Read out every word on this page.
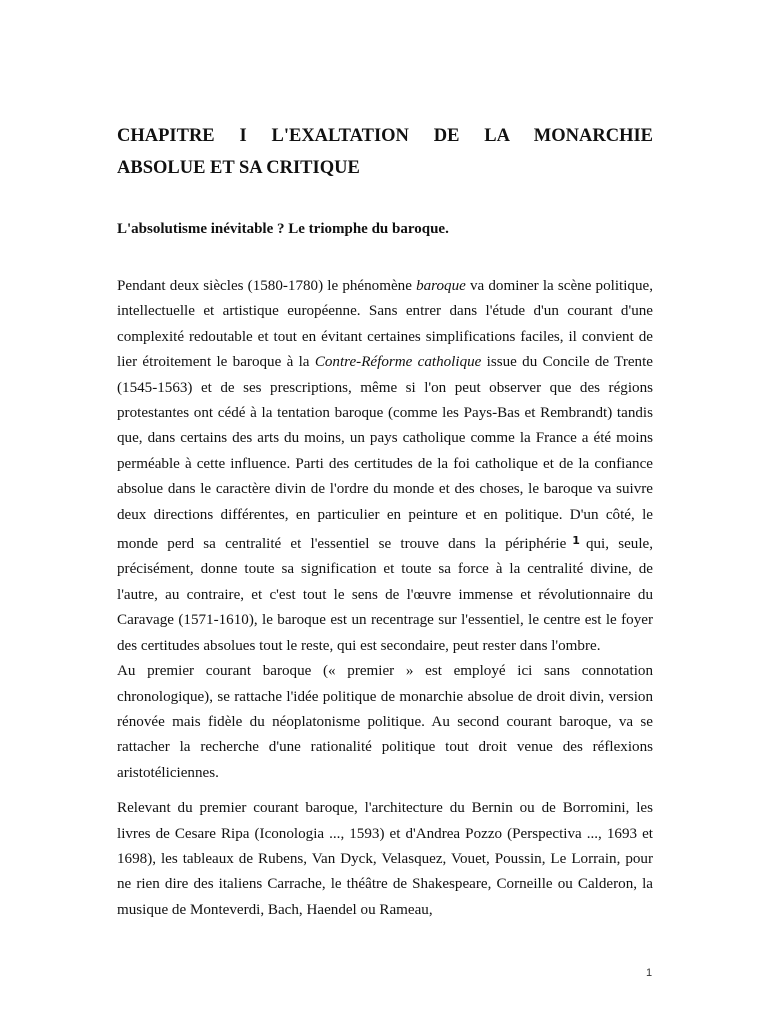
CHAPITRE I L'EXALTATION DE LA MONARCHIE
ABSOLUE ET SA CRITIQUE
L'absolutisme inévitable ? Le triomphe du baroque.

Pendant deux siècles (1580-1780) le phénomène baroque va dominer la scène politique, intellectuelle et artistique européenne. Sans entrer dans l'étude d'un courant d'une complexité redoutable et tout en évitant certaines simplifications faciles, il convient de lier étroitement le baroque à la Contre-Réforme catholique issue du Concile de Trente (1545-1563) et de ses prescriptions, même si l'on peut observer que des régions protestantes ont cédé à la tentation baroque (comme les Pays-Bas et Rembrandt) tandis que, dans certains des arts du moins, un pays catholique comme la France a été moins perméable à cette influence. Parti des certitudes de la foi catholique et de la confiance absolue dans le caractère divin de l'ordre du monde et des choses, le baroque va suivre deux directions différentes, en particulier en peinture et en politique. D'un côté, le monde perd sa centralité et l'essentiel se trouve dans la périphérie $^1$ qui, seule, précisément, donne toute sa signification et toute sa force à la centralité divine, de l'autre, au contraire, et c'est tout le sens de l'œuvre immense et révolutionnaire du Caravage (1571-1610), le baroque est un recentrage sur l'essentiel, le centre est le foyer des certitudes absolues tout le reste, qui est secondaire, peut rester dans l'ombre.

Au premier courant baroque (« premier » est employé ici sans connotation chronologique), se rattache l'idée politique de monarchie absolue de droit divin, version rénovée mais fidèle du néoplatonisme politique. Au second courant baroque, va se rattacher la recherche d'une rationalité politique tout droit venue des réflexions aristotéliciennes.

Relevant du premier courant baroque, l'architecture du Bernin ou de Borromini, les livres de Cesare Ripa (Iconologia ..., 1593) et d'Andrea Pozzo (Perspectiva ..., 1693 et 1698), les tableaux de Rubens, Van Dyck, Velasquez, Vouet, Poussin, Le Lorrain, pour ne rien dire des italiens Carrache, le théâtre de Shakespeare, Corneille ou Calderon, la musique de Monteverdi, Bach, Haendel ou Rameau,

1
